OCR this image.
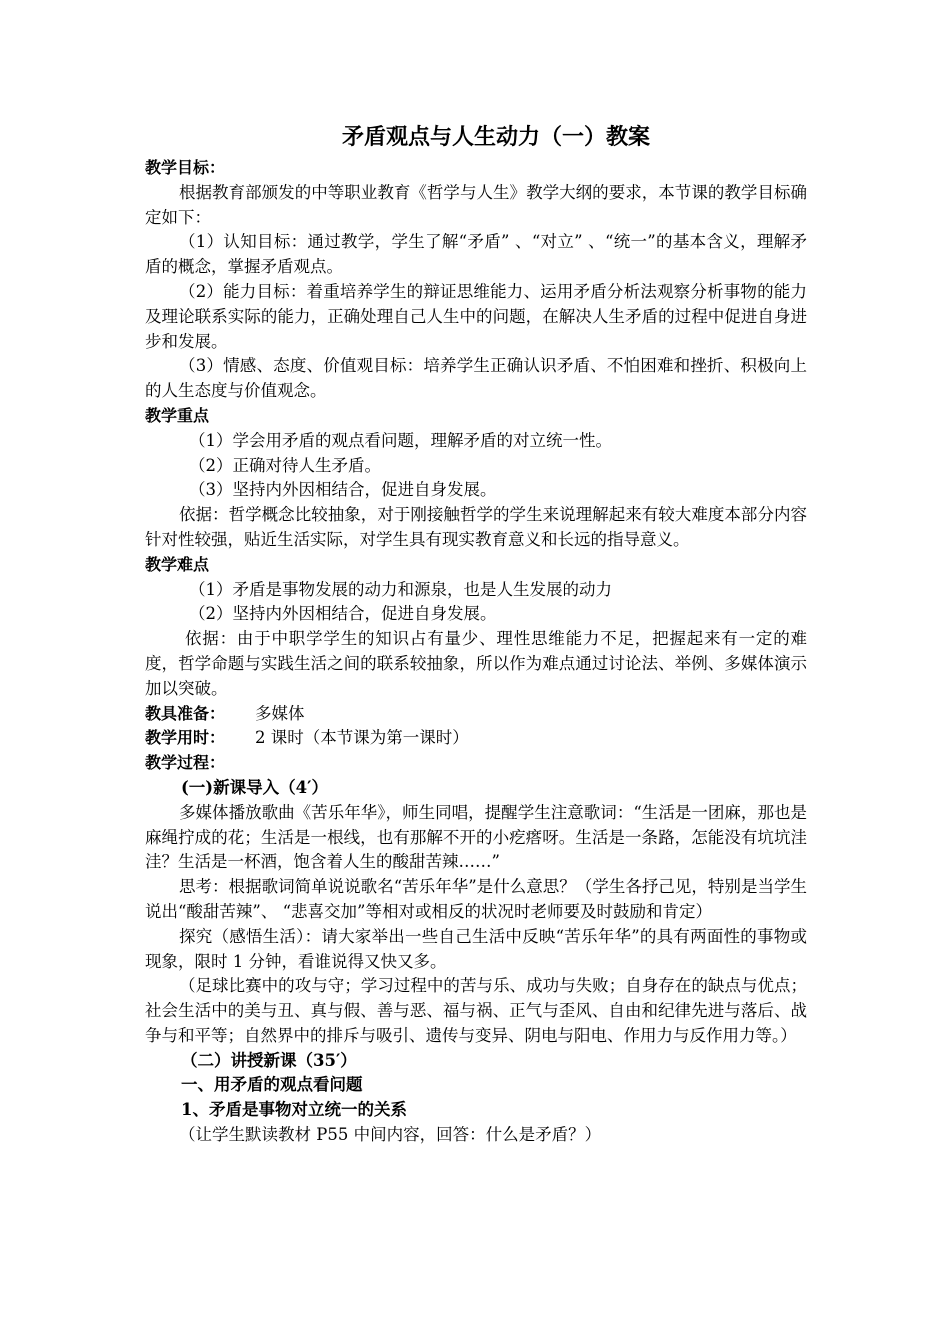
矛盾观点与人生动力（一）教案

教学目标：

根据教育部颁发的中等职业教育《哲学与人生》教学大纲的要求，本节课的教学目标确定如下：

（1）认知目标：通过教学，学生了解“矛盾” 、“对立” 、“统一”的基本含义，理解矛盾的概念，掌握矛盾观点。

（2）能力目标：着重培养学生的辩证思维能力、运用矛盾分析法观察分析事物的能力及理论联系实际的能力，正确处理自己人生中的问题，在解决人生矛盾的过程中促进自身进步和发展。

（3）情感、态度、价值观目标：培养学生正确认识矛盾、不怕困难和挫折、积极向上的人生态度与价值观念。

教学重点

（1）学会用矛盾的观点看问题，理解矛盾的对立统一性。

（2）正确对待人生矛盾。

（3）坚持内外因相结合，促进自身发展。

依据：哲学概念比较抽象，对于刚接触哲学的学生来说理解起来有较大难度本部分内容针对性较强，贴近生活实际，对学生具有现实教育意义和长远的指导意义。

教学难点

（1）矛盾是事物发展的动力和源泉，也是人生发展的动力

（2）坚持内外因相结合，促进自身发展。

依据：由于中职学学生的知识占有量少、理性思维能力不足，把握起来有一定的难度，哲学命题与实践生活之间的联系较抽象，所以作为难点通过讨论法、举例、多媒体演示加以突破。

教具准备： 多媒体

教学用时： 2 课时（本节课为第一课时）

教学过程：

(一)新课导入（4′）

多媒体播放歌曲《苦乐年华》，师生同唱，提醒学生注意歌词：“生活是一团麻，那也是麻绳拧成的花；生活是一根线，也有那解不开的小疙瘩呀。生活是一条路，怎能没有坑坑洼洼？生活是一杯酒，饱含着人生的酸甜苦辣……”

思考：根据歌词简单说说歌名“苦乐年华”是什么意思？（学生各抒己见，特别是当学生说出“酸甜苦辣”、 “悲喜交加”等相对或相反的状况时老师要及时鼓励和肯定）

探究（感悟生活）：请大家举出一些自己生活中反映“苦乐年华”的具有两面性的事物或现象，限时 1 分钟，看谁说得又快又多。

（足球比赛中的攻与守；学习过程中的苦与乐、成功与失败；自身存在的缺点与优点；社会生活中的美与丑、真与假、善与恶、福与祸、正气与歪风、自由和纪律先进与落后、战争与和平等；自然界中的排斥与吸引、遗传与变异、阴电与阳电、作用力与反作用力等。）

（二）讲授新课（35′）

一、用矛盾的观点看问题

1、矛盾是事物对立统一的关系

（让学生默读教材 P55 中间内容，回答：什么是矛盾？）
